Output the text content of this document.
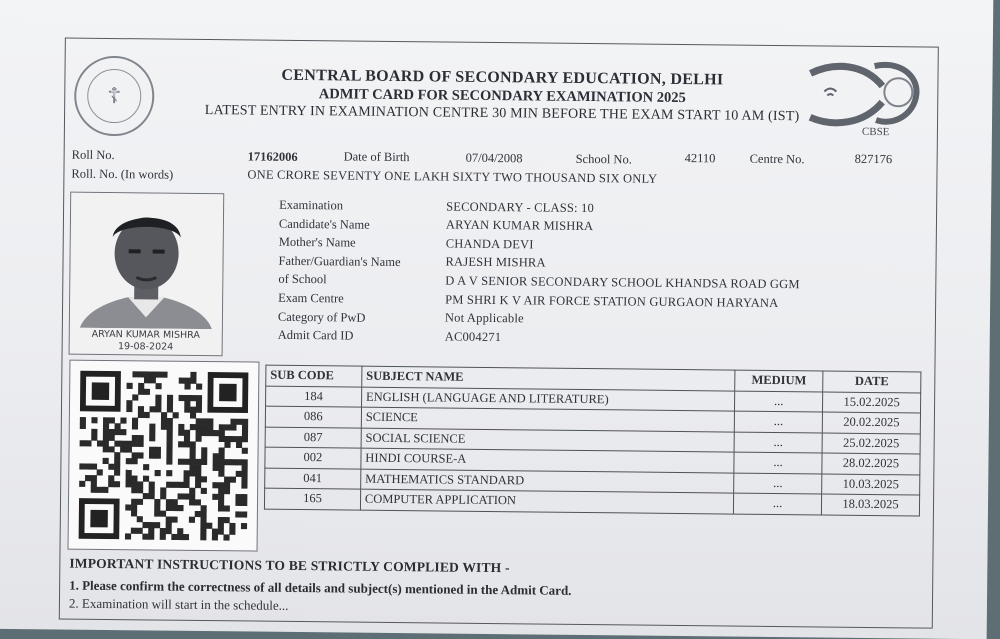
☦
CENTRAL BOARD OF SECONDARY EDUCATION, DELHI
ADMIT CARD FOR SECONDARY EXAMINATION 2025
LATEST ENTRY IN EXAMINATION CENTRE 30 MIN BEFORE THE EXAM START 10 AM (IST)
CBSE
Roll No.	17162006	Date of Birth	07/04/2008	School No.	42110	Centre No.	827176
Roll. No. (In words)	ONE CRORE SEVENTY ONE LAKH SIXTY TWO THOUSAND SIX ONLY
ARYAN KUMAR MISHRA
19-08-2024
Examination	SECONDARY - CLASS: 10
Candidate's Name	ARYAN KUMAR MISHRA
Mother's Name	CHANDA DEVI
Father/Guardian's Name	RAJESH MISHRA
of School	D A V SENIOR SECONDARY SCHOOL KHANDSA ROAD GGM
Exam Centre	PM SHRI K V AIR FORCE STATION GURGAON HARYANA
Category of PwD	Not Applicable
Admit Card ID	AC004271
SUB CODE	SUBJECT NAME	MEDIUM	DATE
184	ENGLISH (LANGUAGE AND LITERATURE)	...	15.02.2025
086	SCIENCE	...	20.02.2025
087	SOCIAL SCIENCE	...	25.02.2025
002	HINDI COURSE-A	...	28.02.2025
041	MATHEMATICS STANDARD	...	10.03.2025
165	COMPUTER APPLICATION	...	18.03.2025
IMPORTANT INSTRUCTIONS TO BE STRICTLY COMPLIED WITH -
1. Please confirm the correctness of all details and subject(s) mentioned in the Admit Card.
2. Examination will start in the schedule...
